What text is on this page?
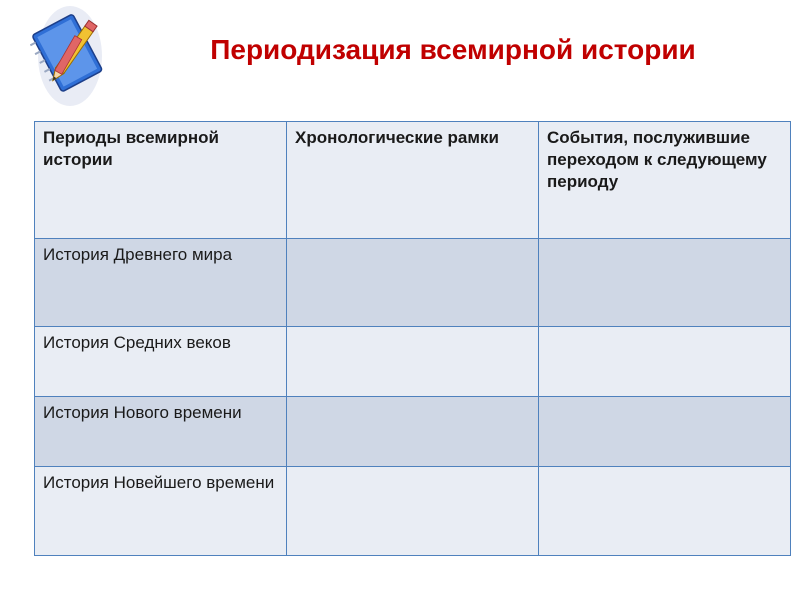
Периодизация всемирной истории
Периоды всемирной истории	Хронологические рамки	События, послужившие переходом к следующему периоду
История Древнего мира		
История Средних веков		
История Нового времени		
История Новейшего времени		
